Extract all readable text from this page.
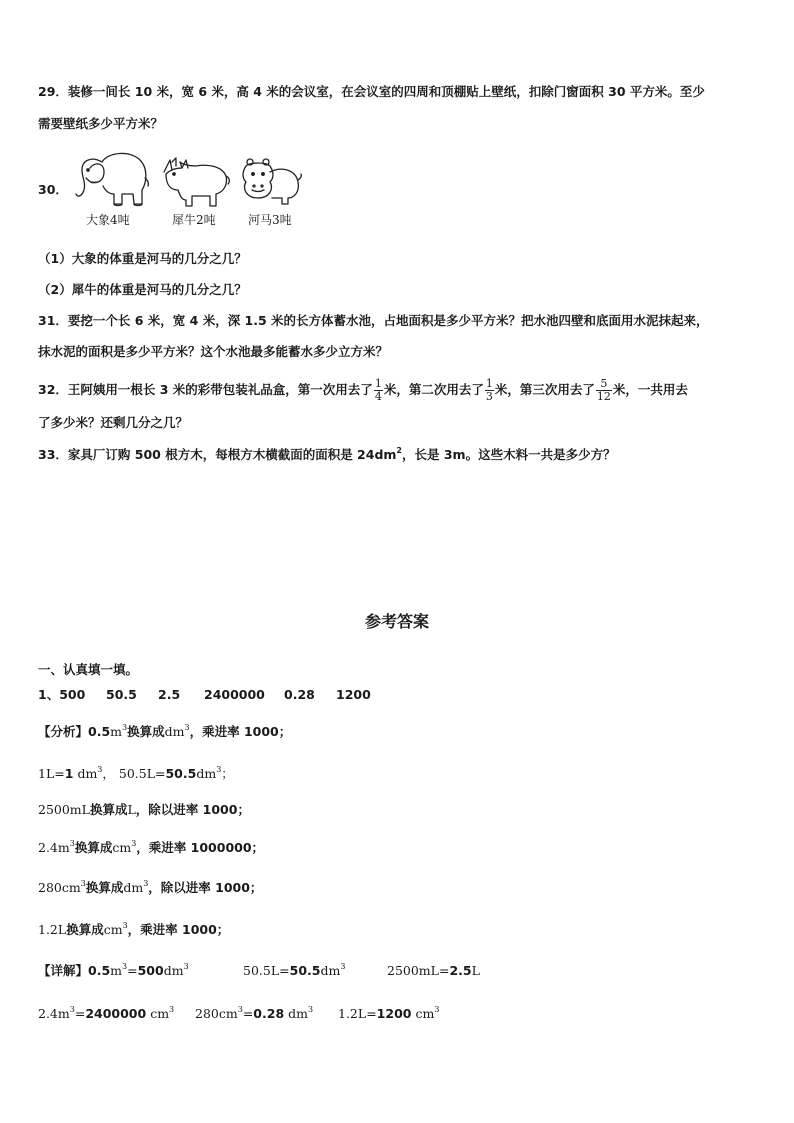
29．装修一间长 10 米，宽 6 米，高 4 米的会议室，在会议室的四周和顶棚贴上壁纸，扣除门窗面积 30 平方米。至少
需要壁纸多少平方米？
30．
大象4吨	犀牛2吨	河马3吨
（1）大象的体重是河马的几分之几？
（2）犀牛的体重是河马的几分之几？
31．要挖一个长 6 米，宽 4 米，深 1.5 米的长方体蓄水池，占地面积是多少平方米？把水池四壁和底面用水泥抹起来，
抹水泥的面积是多少平方米？这个水池最多能蓄水多少立方米？
32．王阿姨用一根长 3 米的彩带包装礼品盒，第一次用去了 $\frac{1}{4}$ 米，第二次用去了 $\frac{1}{3}$ 米，第三次用去了 $\frac{5}{12}$ 米，一共用去
了多少米？还剩几分之几？
33．家具厂订购 500 根方木，每根方木横截面的面积是 $24dm^2$，长是 3m。这些木料一共是多少方？
参考答案
一、认真填一填。
1、500 50.5 2.5 2400000 0.28 1200
【分析】$0.5m^3$换算成$dm^3$，乘进率 1000；
1L=1 $dm^3$， $50.5L=50.5dm^3$；
2500mL换算成L，除以进率 1000；
$2.4m^3$换算成$cm^3$，乘进率 1000000；
$280cm^3$换算成$dm^3$，除以进率 1000；
1.2L换算成$cm^3$，乘进率 1000；
【详解】$0.5m^3=500dm^3$	$50.5L=50.5dm^3$	2500mL=2.5L
$2.4m^3=2400000$ $cm^3$ $280cm^3=0.28$ $dm^3$ 1.2L=1200 $cm^3$
